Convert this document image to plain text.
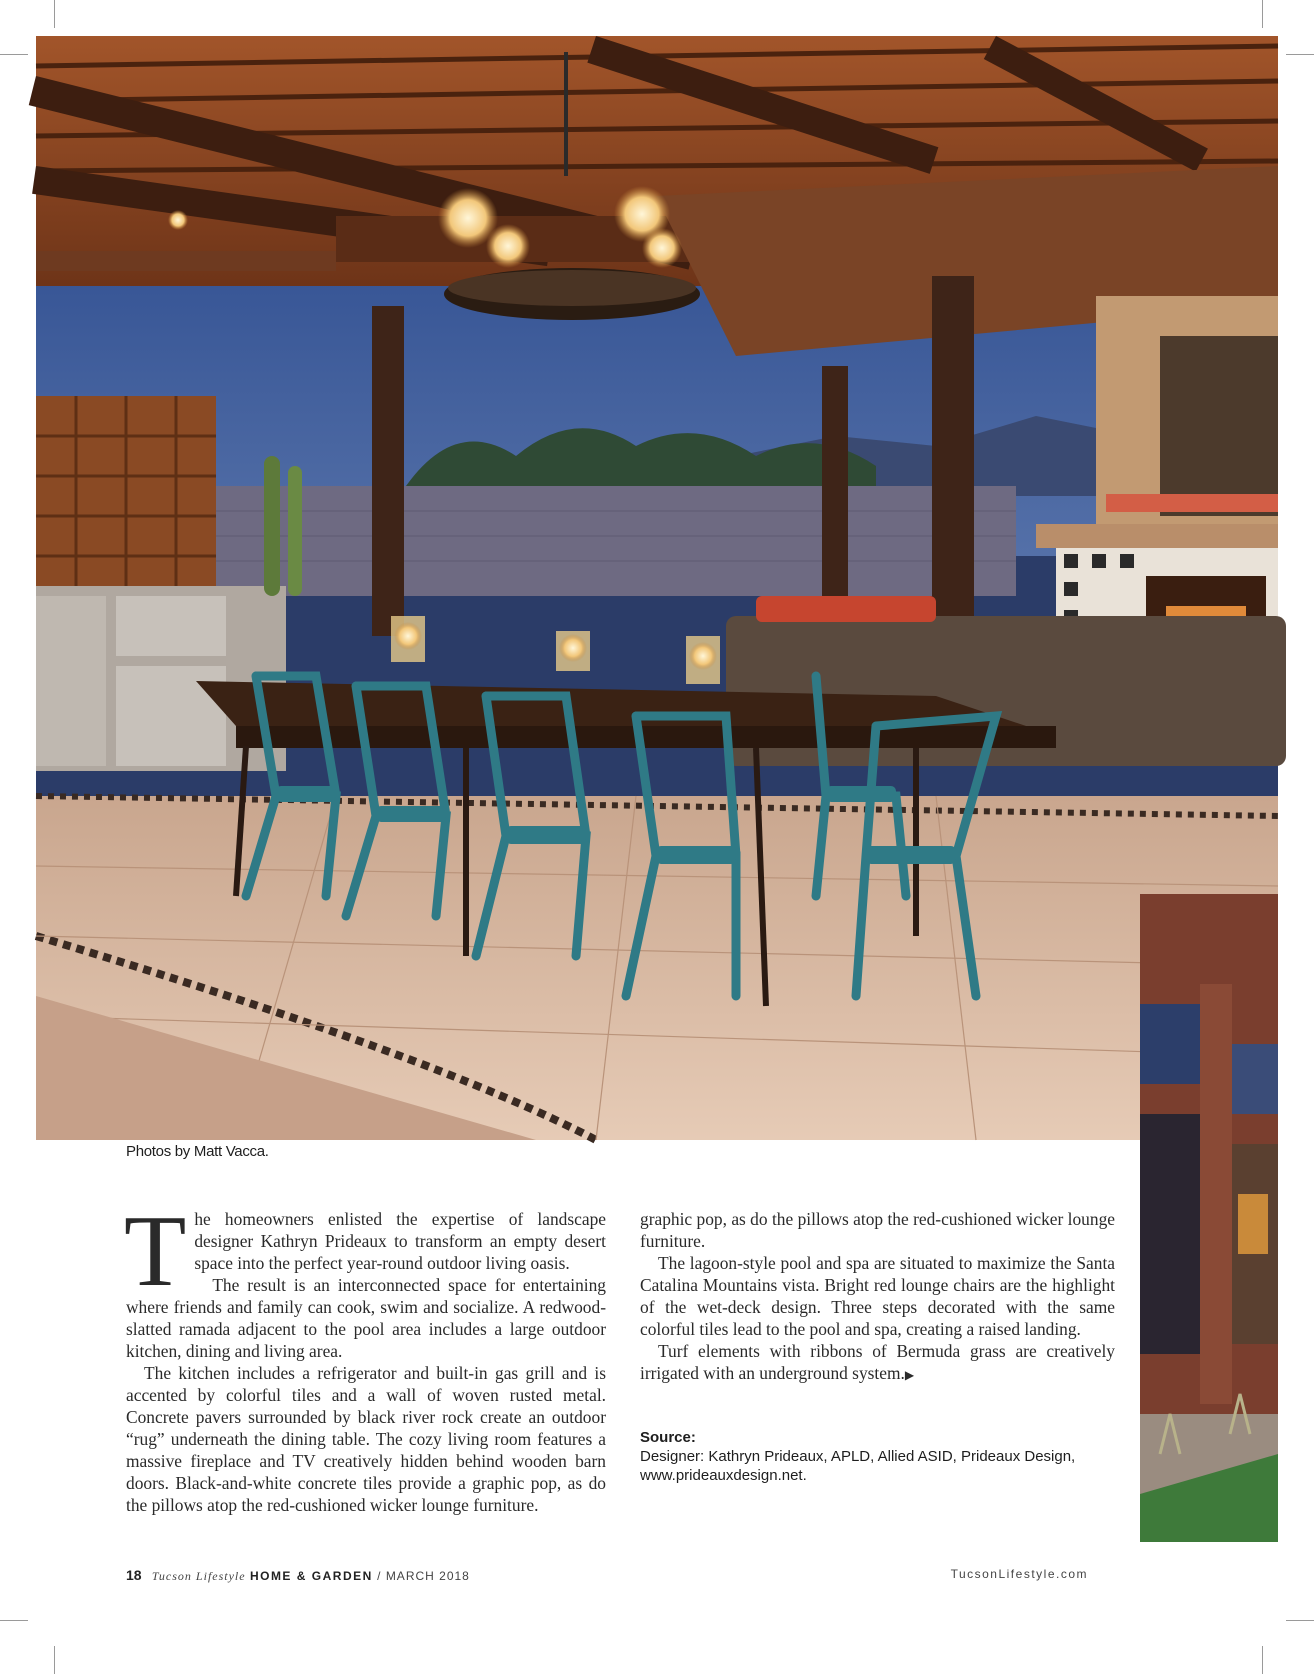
Photos by Matt Vacca.

The homeowners enlisted the expertise of landscape designer Kathryn Prideaux to transform an empty desert space into the perfect year-round outdoor living oasis.

The result is an interconnected space for entertaining where friends and family can cook, swim and socialize. A redwood-slatted ramada adjacent to the pool area includes a large outdoor kitchen, dining and living area.

The kitchen includes a refrigerator and built-in gas grill and is accented by colorful tiles and a wall of woven rusted metal. Concrete pavers surrounded by black river rock create an outdoor “rug” underneath the dining table. The cozy living room features a massive fireplace and TV creatively hidden behind wooden barn doors. Black-and-white concrete tiles provide a graphic pop, as do the pillows atop the red-cushioned wicker lounge furniture.

graphic pop, as do the pillows atop the red-cushioned wicker lounge furniture.

The lagoon-style pool and spa are situated to maximize the Santa Catalina Mountains vista. Bright red lounge chairs are the highlight of the wet-deck design. Three steps decorated with the same colorful tiles lead to the pool and spa, creating a raised landing.

Turf elements with ribbons of Bermuda grass are creatively irrigated with an underground system.▶

Source:
Designer: Kathryn Prideaux, APLD, Allied ASID, Prideaux Design,
www.prideauxdesign.net.
18 Tucson Lifestyle HOME & GARDEN / MARCH 2018	TucsonLifestyle.com
